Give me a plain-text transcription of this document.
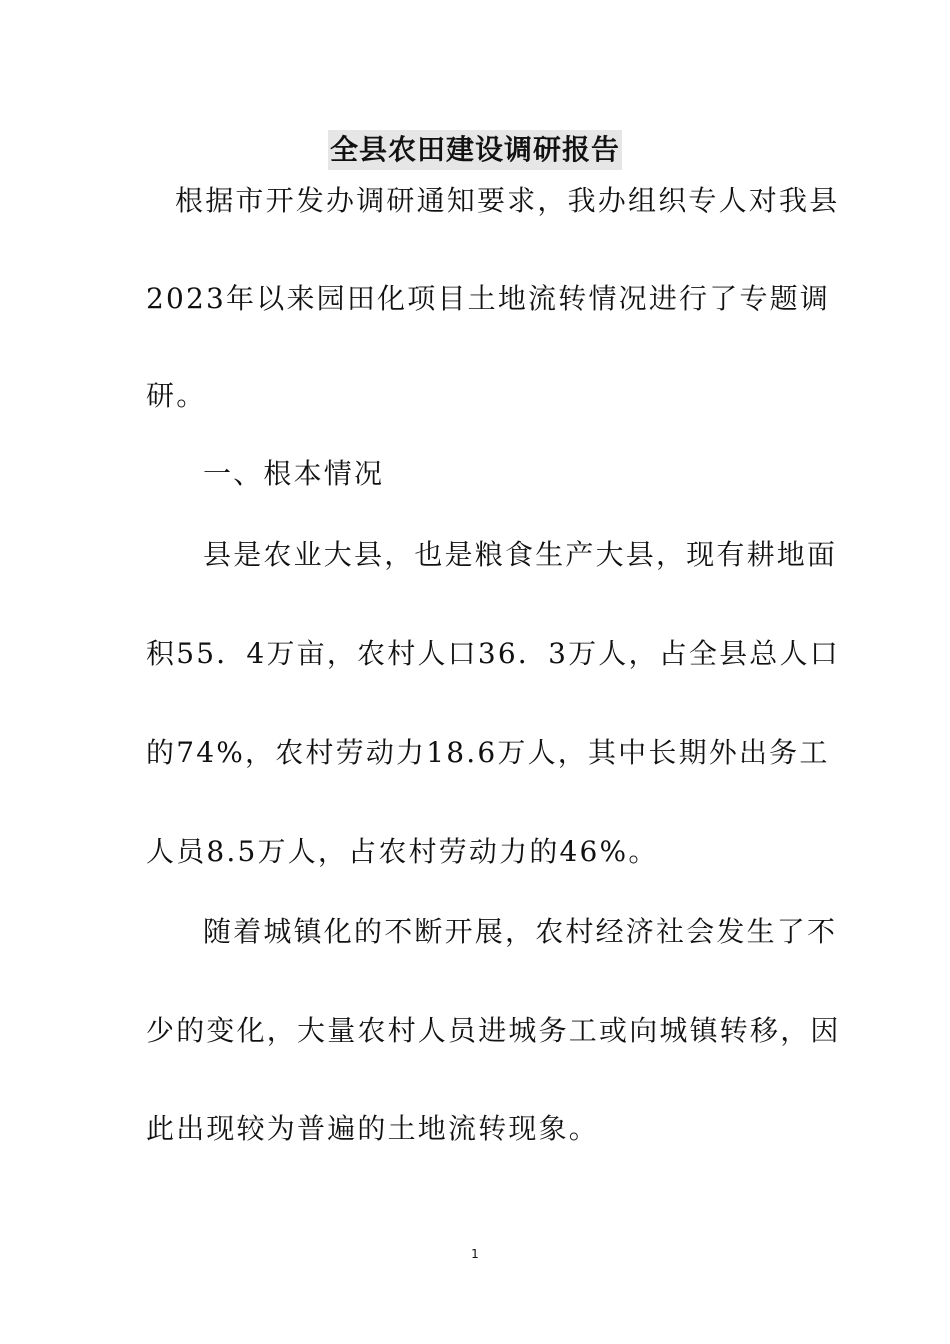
全县农田建设调研报告
根据市开发办调研通知要求，我办组织专人对我县
2023年以来园田化项目土地流转情况进行了专题调
研。
一、根本情况
县是农业大县，也是粮食生产大县，现有耕地面
积55．4万亩，农村人口36．3万人，占全县总人口
的74%，农村劳动力18.6万人，其中长期外出务工
人员8.5万人，占农村劳动力的46%。
随着城镇化的不断开展，农村经济社会发生了不
少的变化，大量农村人员进城务工或向城镇转移，因
此出现较为普遍的土地流转现象。
1
